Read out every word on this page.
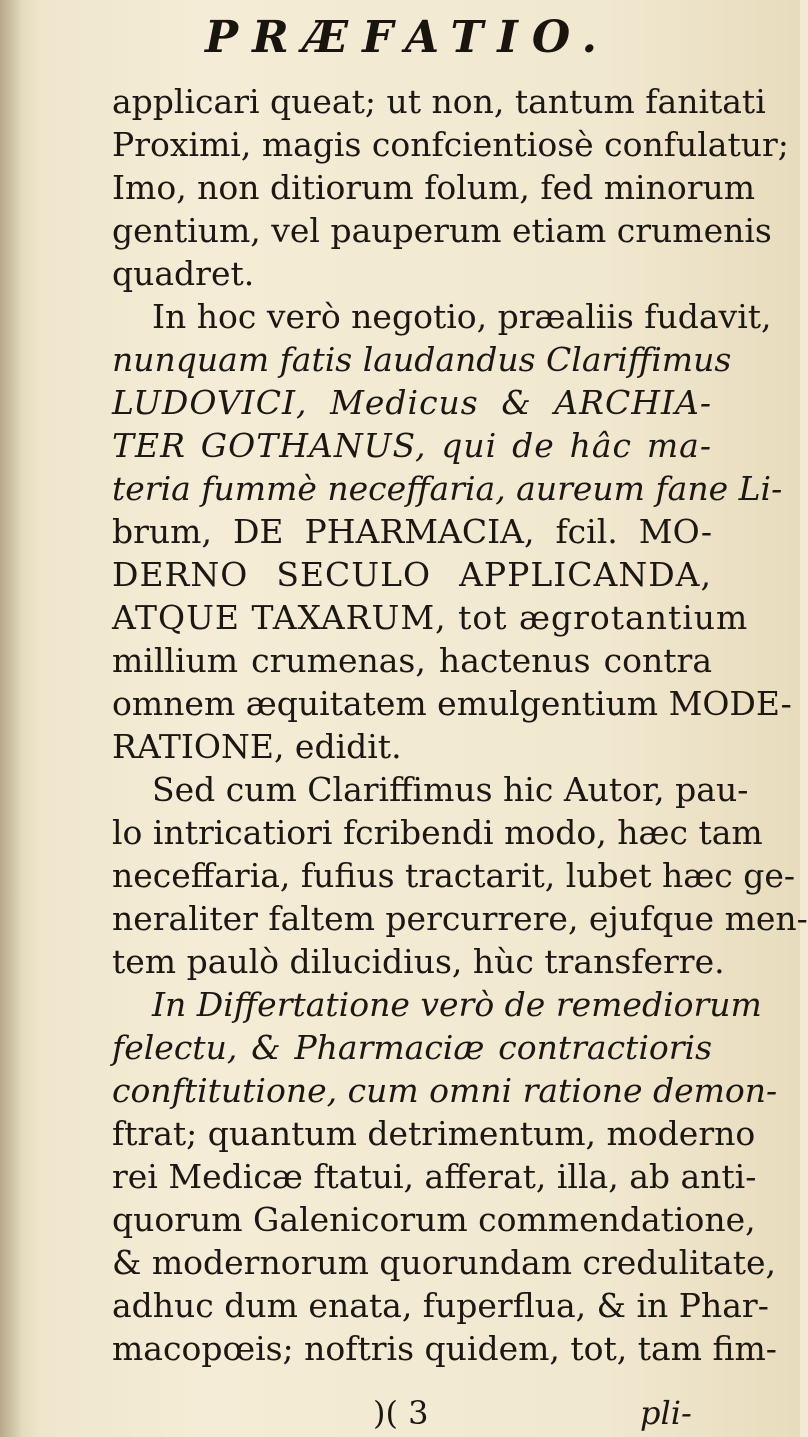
PRÆFATIO.
applicari queat; ut non, tantum fanitati
Proximi, magis confcientiosè confulatur;
Imo, non ditiorum folum, fed minorum
gentium, vel pauperum etiam crumenis
quadret.
In hoc verò negotio, præaliis fudavit,
nunquam fatis laudandus Clariffimus
LUDOVICI, Medicus & ARCHIA-
TER GOTHANUS, qui de hâc ma-
teria fummè neceffaria, aureum fane Li-
brum, DE PHARMACIA, fcil. MO-
DERNO SECULO APPLICANDA,
ATQUE TAXARUM, tot ægrotantium
millium crumenas, hactenus contra
omnem æquitatem emulgentium MODE-
RATIONE, edidit.
Sed cum Clariffimus hic Autor, pau-
lo intricatiori fcribendi modo, hæc tam
neceffaria, fufius tractarit, lubet hæc ge-
neraliter faltem percurrere, ejufque men-
tem paulò dilucidius, hùc transferre.
In Differtatione verò de remediorum
felectu, & Pharmaciæ contractioris
conftitutione, cum omni ratione demon-
ftrat; quantum detrimentum, moderno
rei Medicæ ftatui, afferat, illa, ab anti-
quorum Galenicorum commendatione,
& modernorum quorundam credulitate,
adhuc dum enata, fuperflua, & in Phar-
macopœis; noftris quidem, tot, tam fim-
)( 3	pli-
